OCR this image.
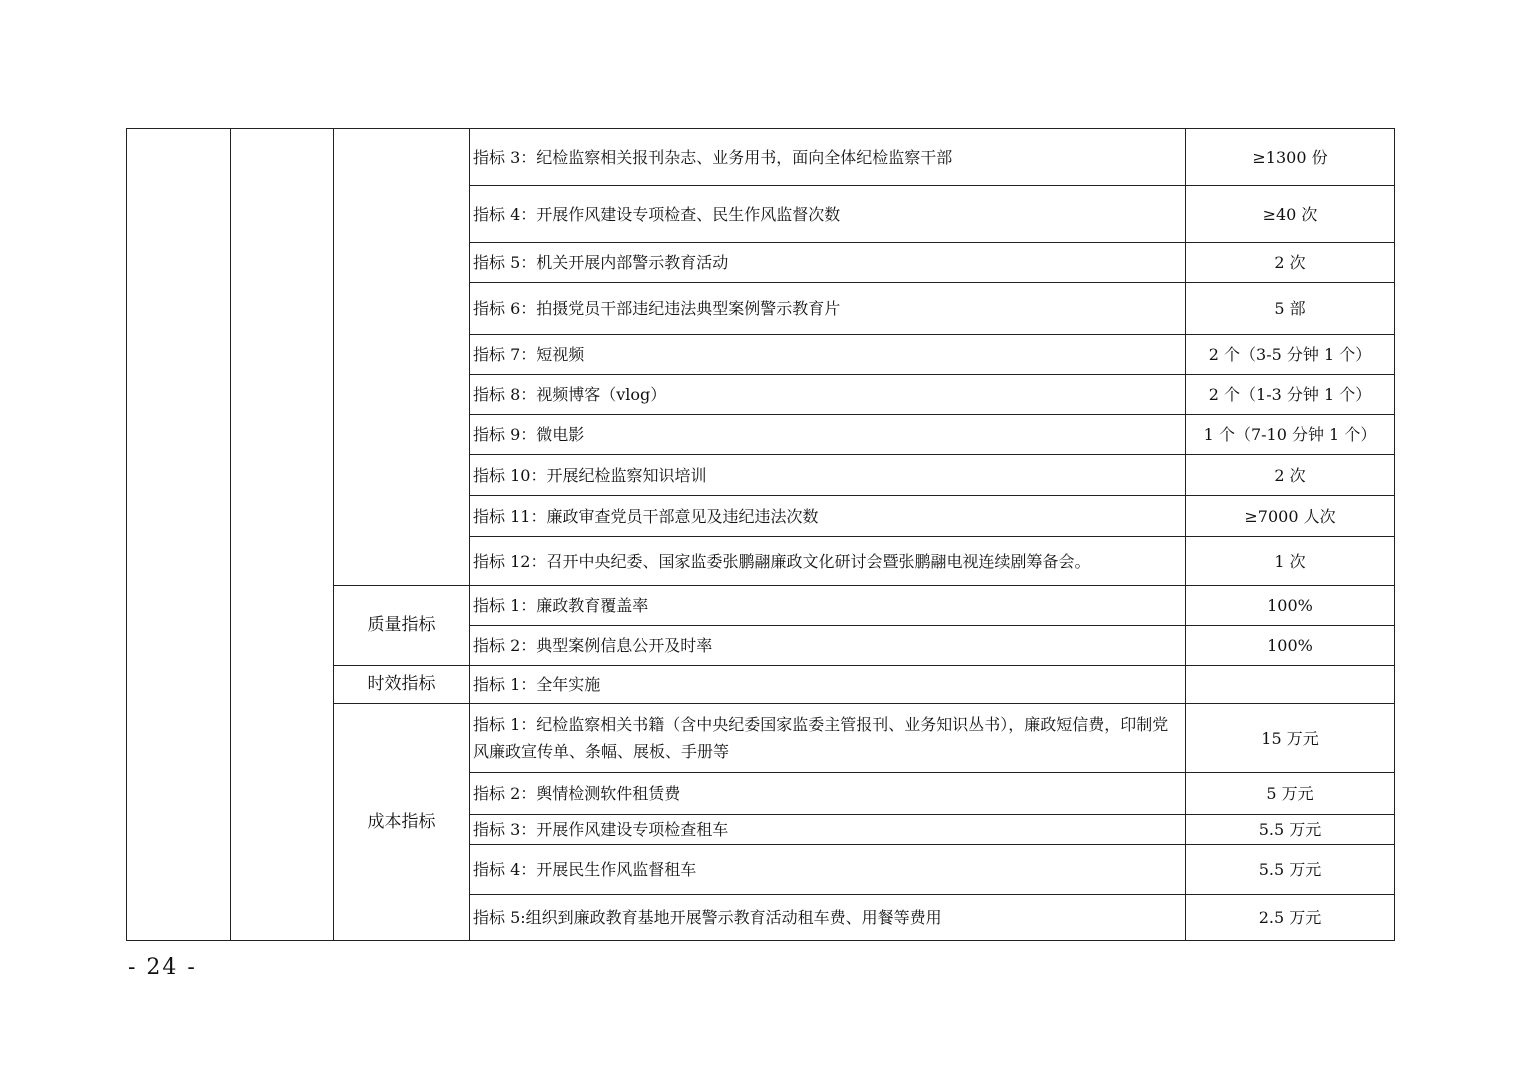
			指标 3：纪检监察相关报刊杂志、业务用书，面向全体纪检监察干部	≥1300 份
			指标 4：开展作风建设专项检查、民生作风监督次数	≥40 次
			指标 5：机关开展内部警示教育活动	2 次
			指标 6：拍摄党员干部违纪违法典型案例警示教育片	5 部
			指标 7：短视频	2 个（3-5 分钟 1 个）
			指标 8：视频博客（vlog）	2 个（1-3 分钟 1 个）
			指标 9：微电影	1 个（7-10 分钟 1 个）
			指标 10：开展纪检监察知识培训	2 次
			指标 11：廉政审查党员干部意见及违纪违法次数	≥7000 人次
			指标 12：召开中央纪委、国家监委张鹏翮廉政文化研讨会暨张鹏翮电视连续剧筹备会。	1 次
		质量指标	指标 1：廉政教育覆盖率	100%
			指标 2：典型案例信息公开及时率	100%
		时效指标	指标 1：全年实施	
		成本指标	指标 1：纪检监察相关书籍（含中央纪委国家监委主管报刊、业务知识丛书），廉政短信费，印制党风廉政宣传单、条幅、展板、手册等	15 万元
			指标 2：舆情检测软件租赁费	5 万元
			指标 3：开展作风建设专项检查租车	5.5 万元
			指标 4：开展民生作风监督租车	5.5 万元
			指标 5:组织到廉政教育基地开展警示教育活动租车费、用餐等费用	2.5 万元
- 24 -
